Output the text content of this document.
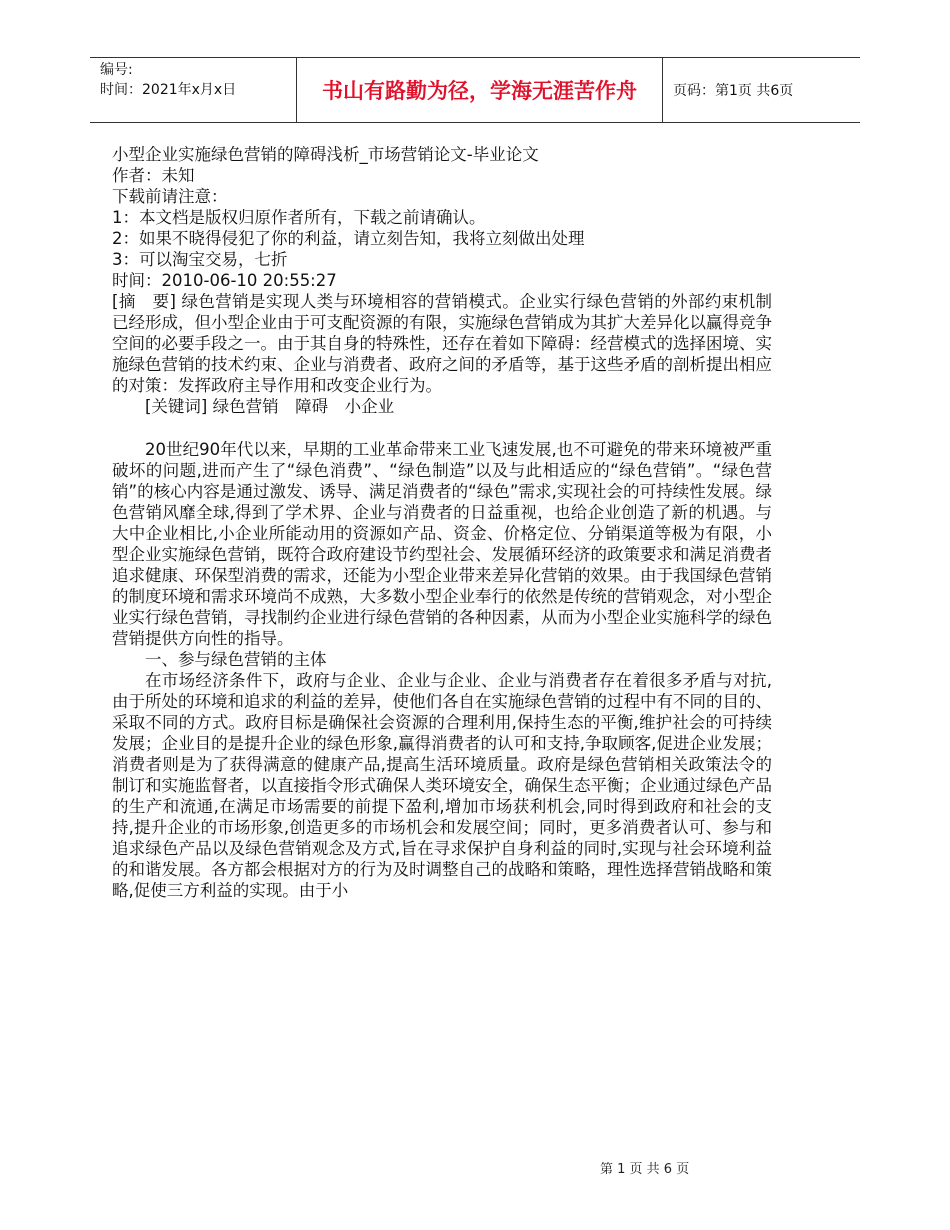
编号:
时间：2021年x月x日	书山有路勤为径，学海无涯苦作舟	页码：第1页 共6页

小型企业实施绿色营销的障碍浅析_市场营销论文-毕业论文

作者：未知

下载前请注意：

1：本文档是版权归原作者所有，下载之前请确认。

2：如果不晓得侵犯了你的利益，请立刻告知，我将立刻做出处理

3：可以淘宝交易，七折

时间：2010-06-10 20:55:27

[摘　要] 绿色营销是实现人类与环境相容的营销模式。企业实行绿色营销的外部约束机制已经形成，但小型企业由于可支配资源的有限，实施绿色营销成为其扩大差异化以赢得竞争空间的必要手段之一。由于其自身的特殊性，还存在着如下障碍：经营模式的选择困境、实施绿色营销的技术约束、企业与消费者、政府之间的矛盾等，基于这些矛盾的剖析提出相应的对策：发挥政府主导作用和改变企业行为。

[关键词] 绿色营销　障碍　小企业

20世纪90年代以来，早期的工业革命带来工业飞速发展,也不可避免的带来环境被严重破坏的问题,进而产生了“绿色消费”、“绿色制造”以及与此相适应的“绿色营销”。“绿色营销”的核心内容是通过激发、诱导、满足消费者的“绿色”需求,实现社会的可持续性发展。绿色营销风靡全球,得到了学术界、企业与消费者的日益重视，也给企业创造了新的机遇。与大中企业相比,小企业所能动用的资源如产品、资金、价格定位、分销渠道等极为有限，小型企业实施绿色营销，既符合政府建设节约型社会、发展循环经济的政策要求和满足消费者追求健康、环保型消费的需求，还能为小型企业带来差异化营销的效果。由于我国绿色营销的制度环境和需求环境尚不成熟，大多数小型企业奉行的依然是传统的营销观念，对小型企业实行绿色营销，寻找制约企业进行绿色营销的各种因素，从而为小型企业实施科学的绿色营销提供方向性的指导。

一、参与绿色营销的主体

在市场经济条件下，政府与企业、企业与企业、企业与消费者存在着很多矛盾与对抗,由于所处的环境和追求的利益的差异，使他们各自在实施绿色营销的过程中有不同的目的、采取不同的方式。政府目标是确保社会资源的合理利用,保持生态的平衡,维护社会的可持续发展；企业目的是提升企业的绿色形象,赢得消费者的认可和支持,争取顾客,促进企业发展；消费者则是为了获得满意的健康产品,提高生活环境质量。政府是绿色营销相关政策法令的制订和实施监督者，以直接指令形式确保人类环境安全，确保生态平衡；企业通过绿色产品的生产和流通,在满足市场需要的前提下盈利,增加市场获利机会,同时得到政府和社会的支持,提升企业的市场形象,创造更多的市场机会和发展空间；同时，更多消费者认可、参与和追求绿色产品以及绿色营销观念及方式,旨在寻求保护自身利益的同时,实现与社会环境利益的和谐发展。各方都会根据对方的行为及时调整自己的战略和策略，理性选择营销战略和策略,促使三方利益的实现。由于小

第 1 页 共 6 页
